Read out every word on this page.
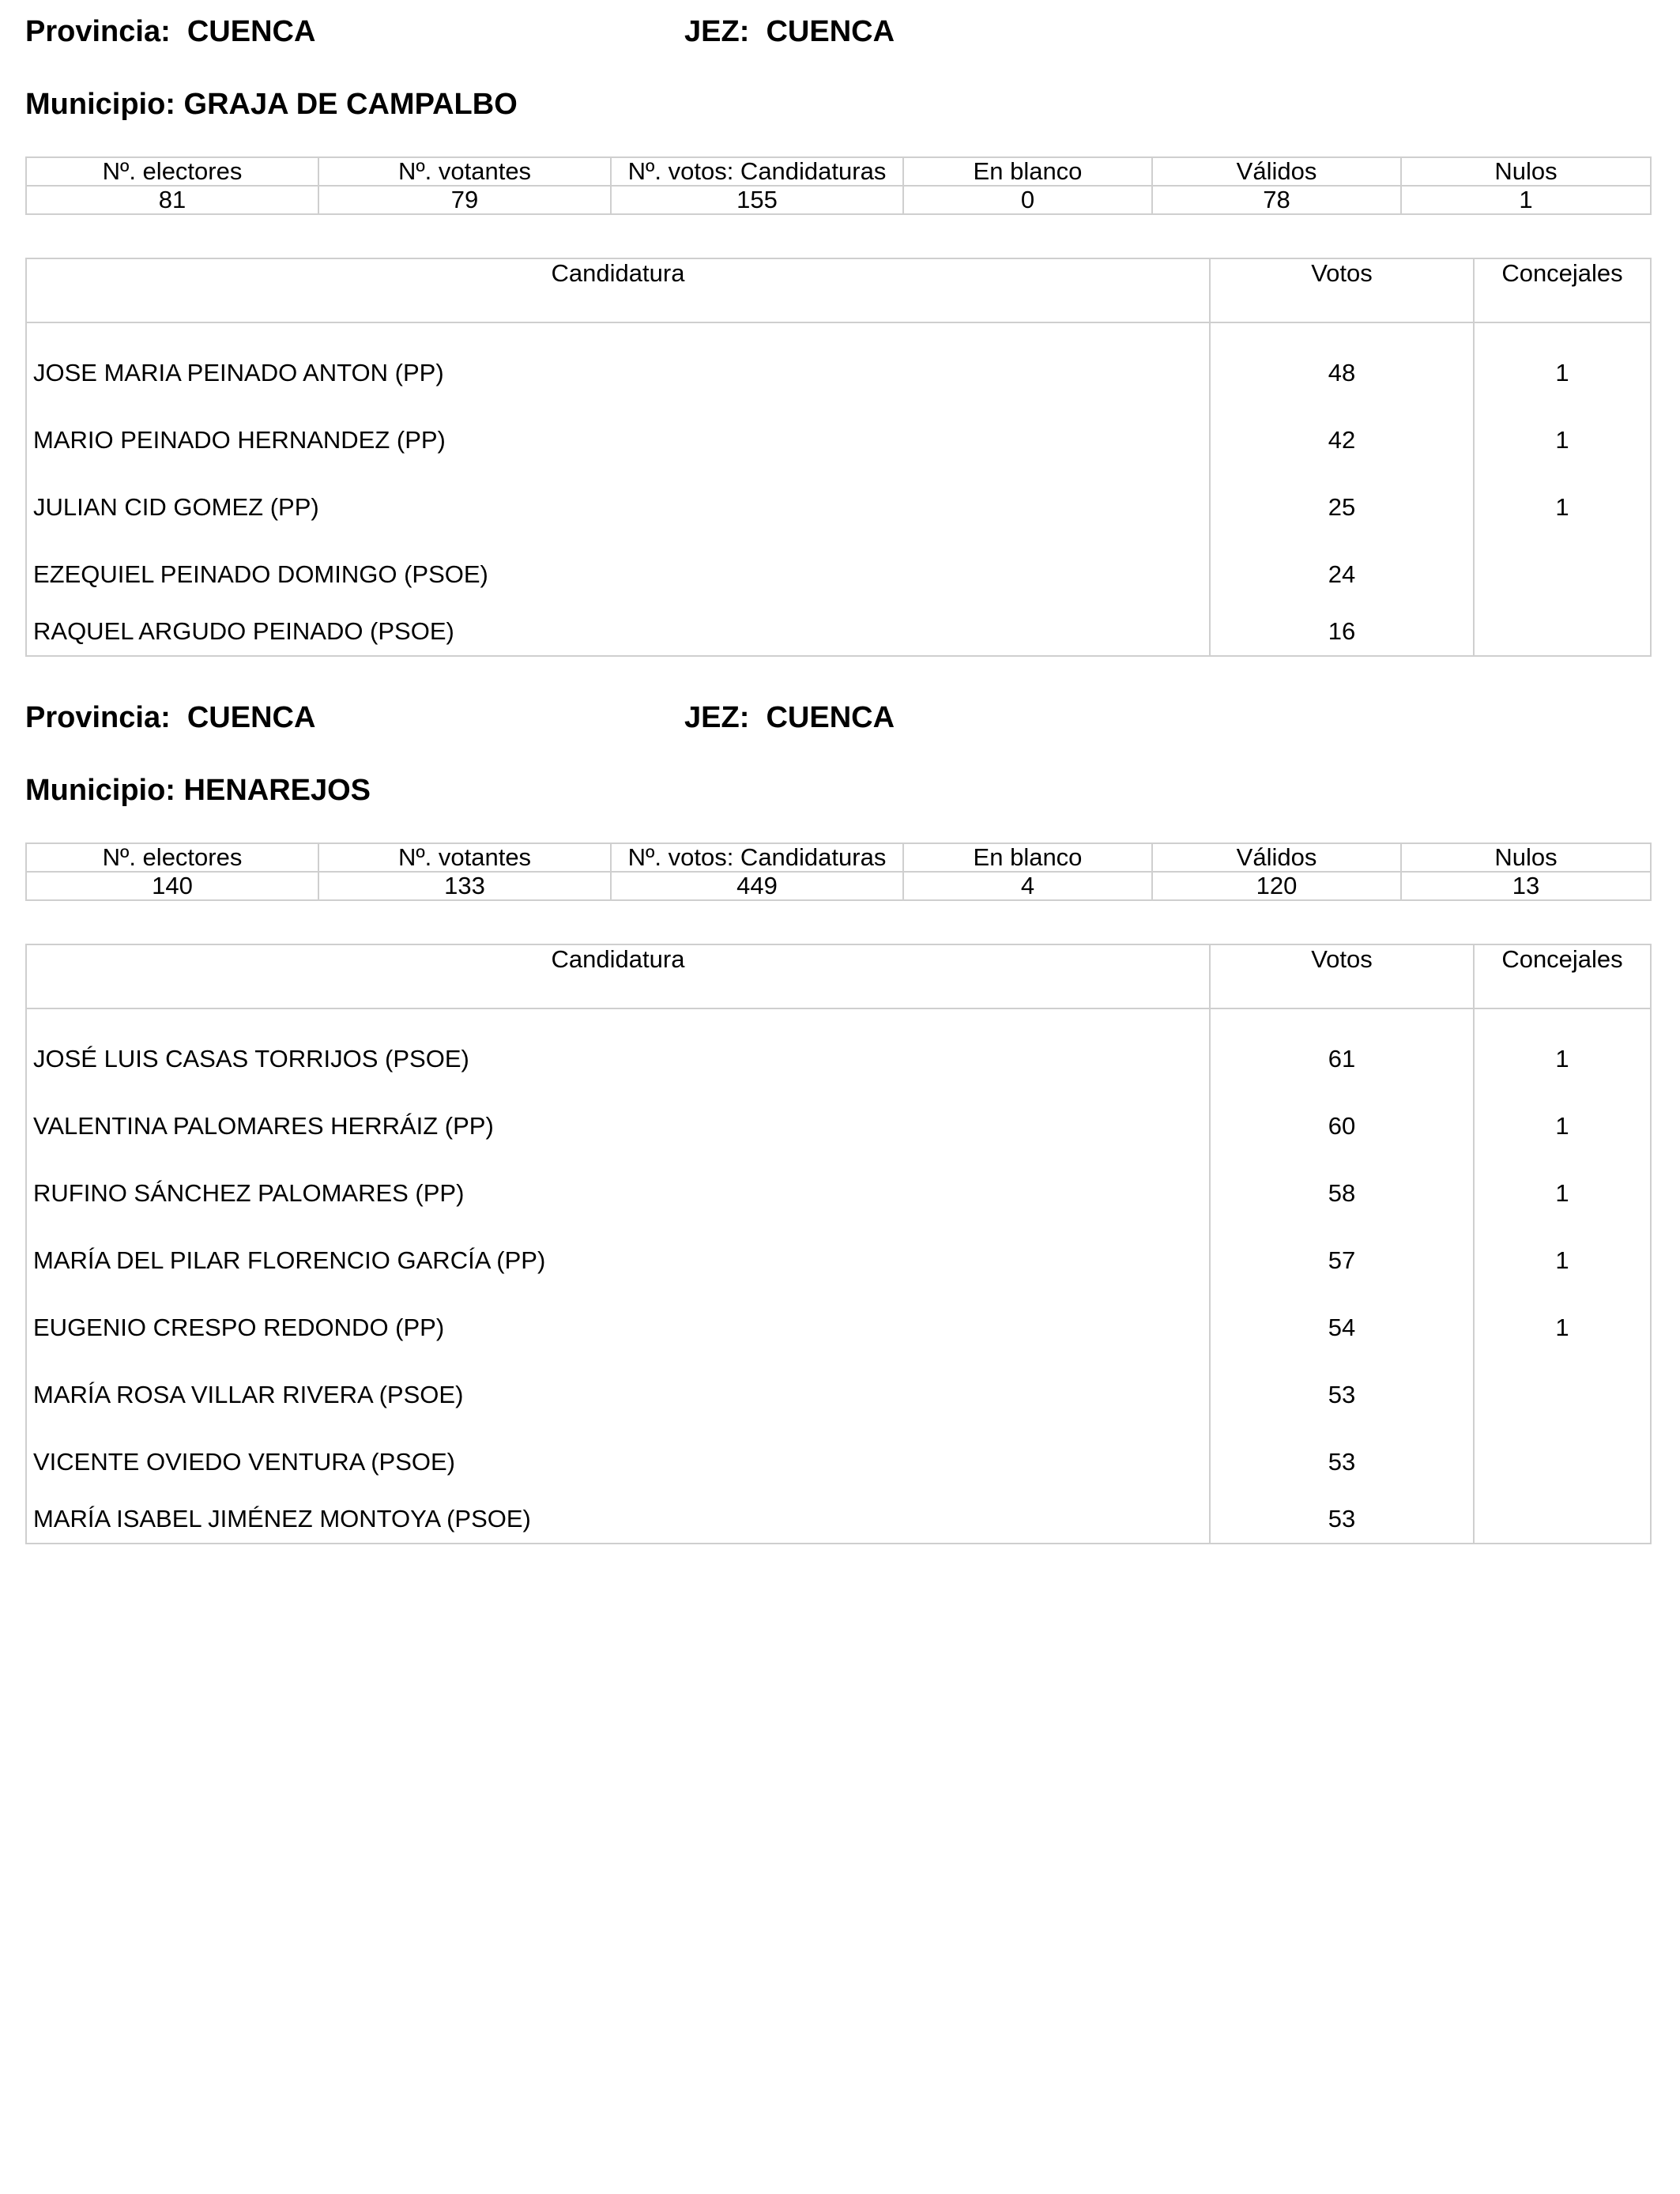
Provincia: CUENCA	JEZ: CUENCA
Municipio: GRAJA DE CAMPALBO
Nº. electores	Nº. votantes	Nº. votos: Candidaturas	En blanco	Válidos	Nulos
81	79	155	0	78	1
Candidatura	Votos	Concejales
JOSE MARIA PEINADO ANTON (PP)	48	1
MARIO PEINADO HERNANDEZ (PP)	42	1
JULIAN CID GOMEZ (PP)	25	1
EZEQUIEL PEINADO DOMINGO (PSOE)	24	
RAQUEL ARGUDO PEINADO (PSOE)	16	
Provincia: CUENCA	JEZ: CUENCA
Municipio: HENAREJOS
Nº. electores	Nº. votantes	Nº. votos: Candidaturas	En blanco	Válidos	Nulos
140	133	449	4	120	13
Candidatura	Votos	Concejales
JOSÉ LUIS CASAS TORRIJOS (PSOE)	61	1
VALENTINA PALOMARES HERRÁIZ (PP)	60	1
RUFINO SÁNCHEZ PALOMARES (PP)	58	1
MARÍA DEL PILAR FLORENCIO GARCÍA (PP)	57	1
EUGENIO CRESPO REDONDO (PP)	54	1
MARÍA ROSA VILLAR RIVERA (PSOE)	53	
VICENTE OVIEDO VENTURA (PSOE)	53	
MARÍA ISABEL JIMÉNEZ MONTOYA (PSOE)	53	
